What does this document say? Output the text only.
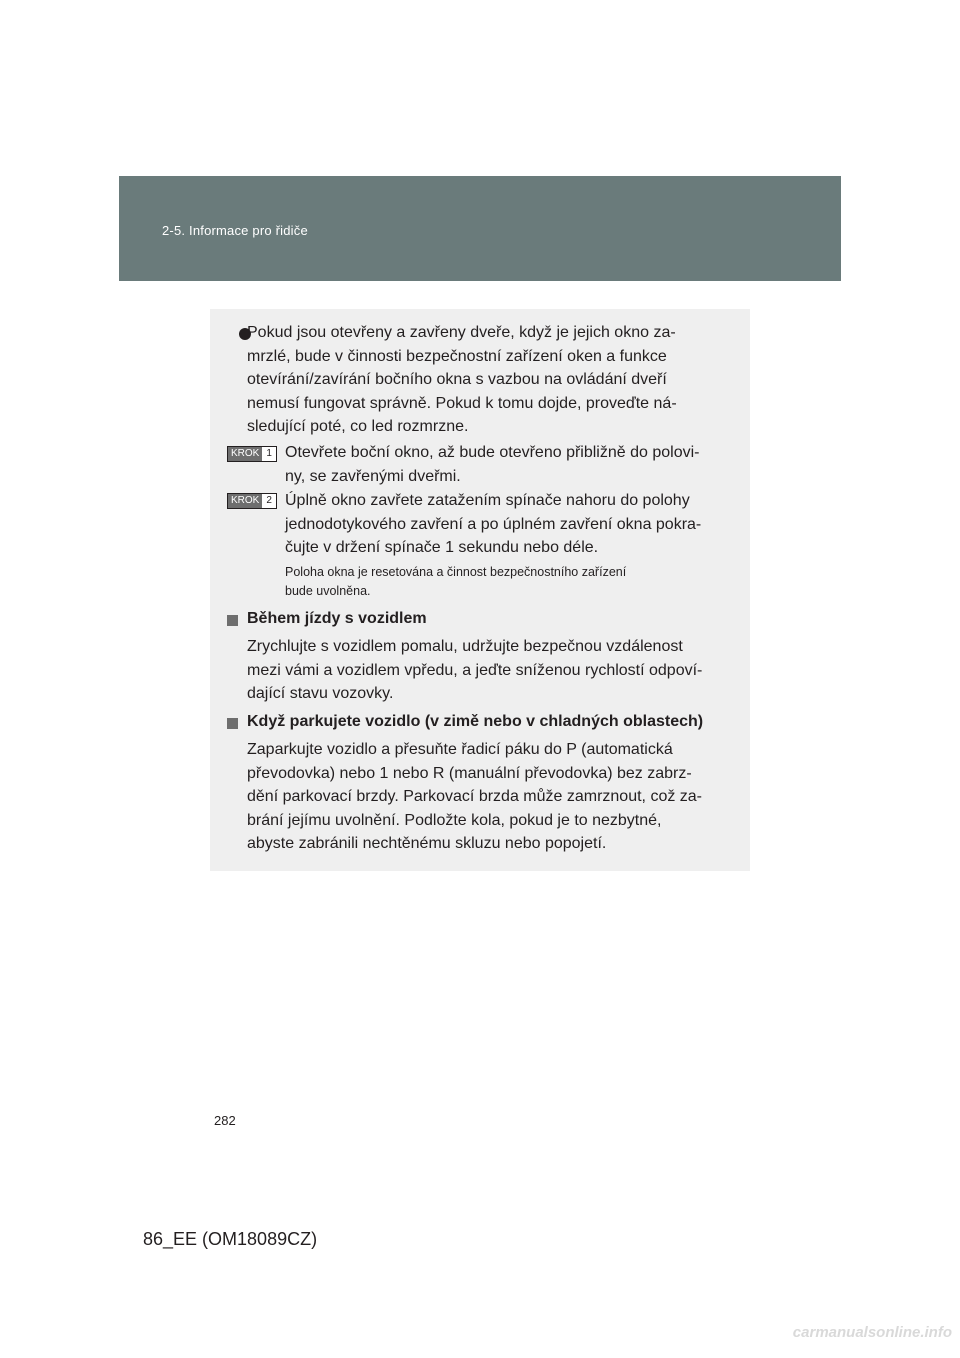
2-5. Informace pro řidiče
Pokud jsou otevřeny a zavřeny dveře, když je jejich okno za-
mrzlé, bude v činnosti bezpečnostní zařízení oken a funkce
otevírání/zavírání bočního okna s vazbou na ovládání dveří
nemusí fungovat správně. Pokud k tomu dojde, proveďte ná-
sledující poté, co led rozmrzne.
KROK 1 Otevřete boční okno, až bude otevřeno přibližně do polovi-
ny, se zavřenými dveřmi.
KROK 2 Úplně okno zavřete zatažením spínače nahoru do polohy
jednodotykového zavření a po úplném zavření okna pokra-
čujte v držení spínače 1 sekundu nebo déle.
Poloha okna je resetována a činnost bezpečnostního zařízení
bude uvolněna.
Během jízdy s vozidlem
Zrychlujte s vozidlem pomalu, udržujte bezpečnou vzdálenost
mezi vámi a vozidlem vpředu, a jeďte sníženou rychlostí odpoví-
dající stavu vozovky.
Když parkujete vozidlo (v zimě nebo v chladných oblastech)
Zaparkujte vozidlo a přesuňte řadicí páku do P (automatická
převodovka) nebo 1 nebo R (manuální převodovka) bez zabrz-
dění parkovací brzdy. Parkovací brzda může zamrznout, což za-
brání jejímu uvolnění. Podložte kola, pokud je to nezbytné,
abyste zabránili nechtěnému skluzu nebo popojetí.
282
86_EE (OM18089CZ)
carmanualsonline.info
